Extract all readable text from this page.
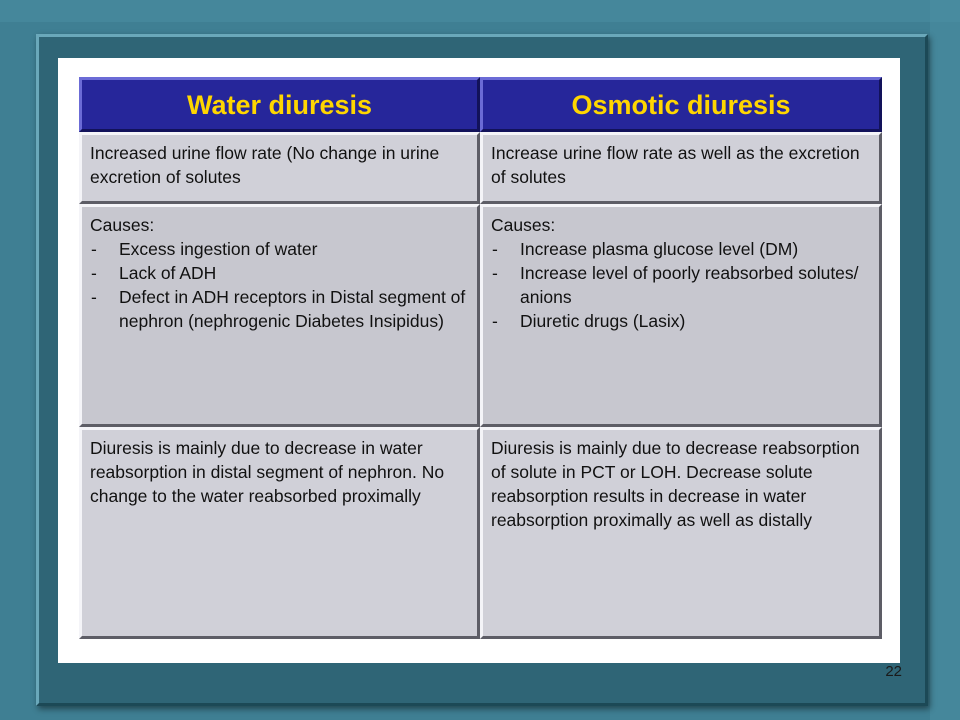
Water diuresis	Osmotic diuresis
Increased urine flow rate (No change in urine excretion of solutes
Increase urine flow rate as well as the excretion of solutes
Causes:
- Excess ingestion of water
- Lack of ADH
- Defect in ADH receptors in Distal segment of nephron (nephrogenic Diabetes Insipidus)
Causes:
- Increase plasma glucose level (DM)
- Increase level of poorly reabsorbed solutes/ anions
- Diuretic drugs (Lasix)
Diuresis is mainly due to decrease in water reabsorption in distal segment of nephron. No change to the water reabsorbed proximally
Diuresis is mainly due to decrease reabsorption of solute in PCT or LOH. Decrease solute reabsorption results in decrease in water reabsorption proximally as well as distally
22
